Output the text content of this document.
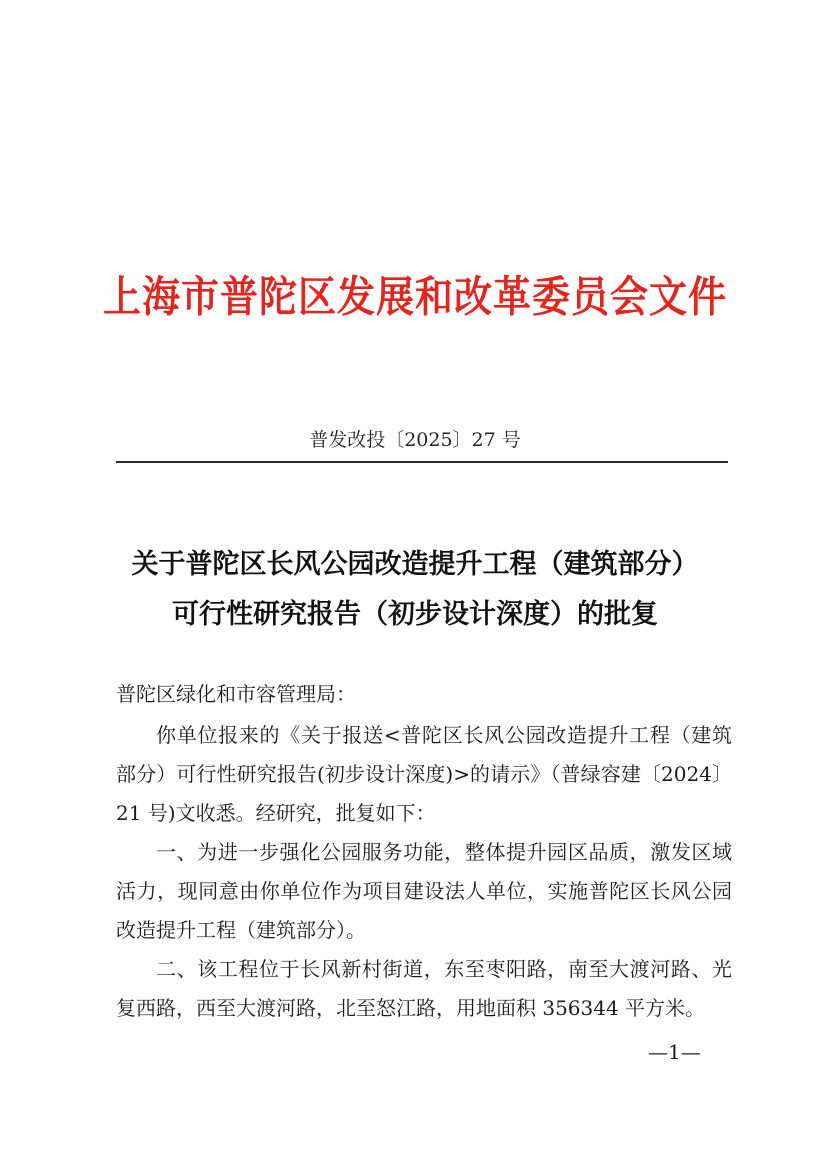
上海市普陀区发展和改革委员会文件
普发改投〔2025〕27 号
关于普陀区长风公园改造提升工程（建筑部分）
可行性研究报告（初步设计深度）的批复
普陀区绿化和市容管理局：

你单位报来的《关于报送<普陀区长风公园改造提升工程（建筑部分）可行性研究报告(初步设计深度)>的请示》（普绿容建〔2024〕21 号)文收悉。经研究，批复如下：

一、为进一步强化公园服务功能，整体提升园区品质，激发区域活力，现同意由你单位作为项目建设法人单位，实施普陀区长风公园改造提升工程（建筑部分）。

二、该工程位于长风新村街道，东至枣阳路，南至大渡河路、光复西路，西至大渡河路，北至怒江路，用地面积 356344 平方米。

—1—
